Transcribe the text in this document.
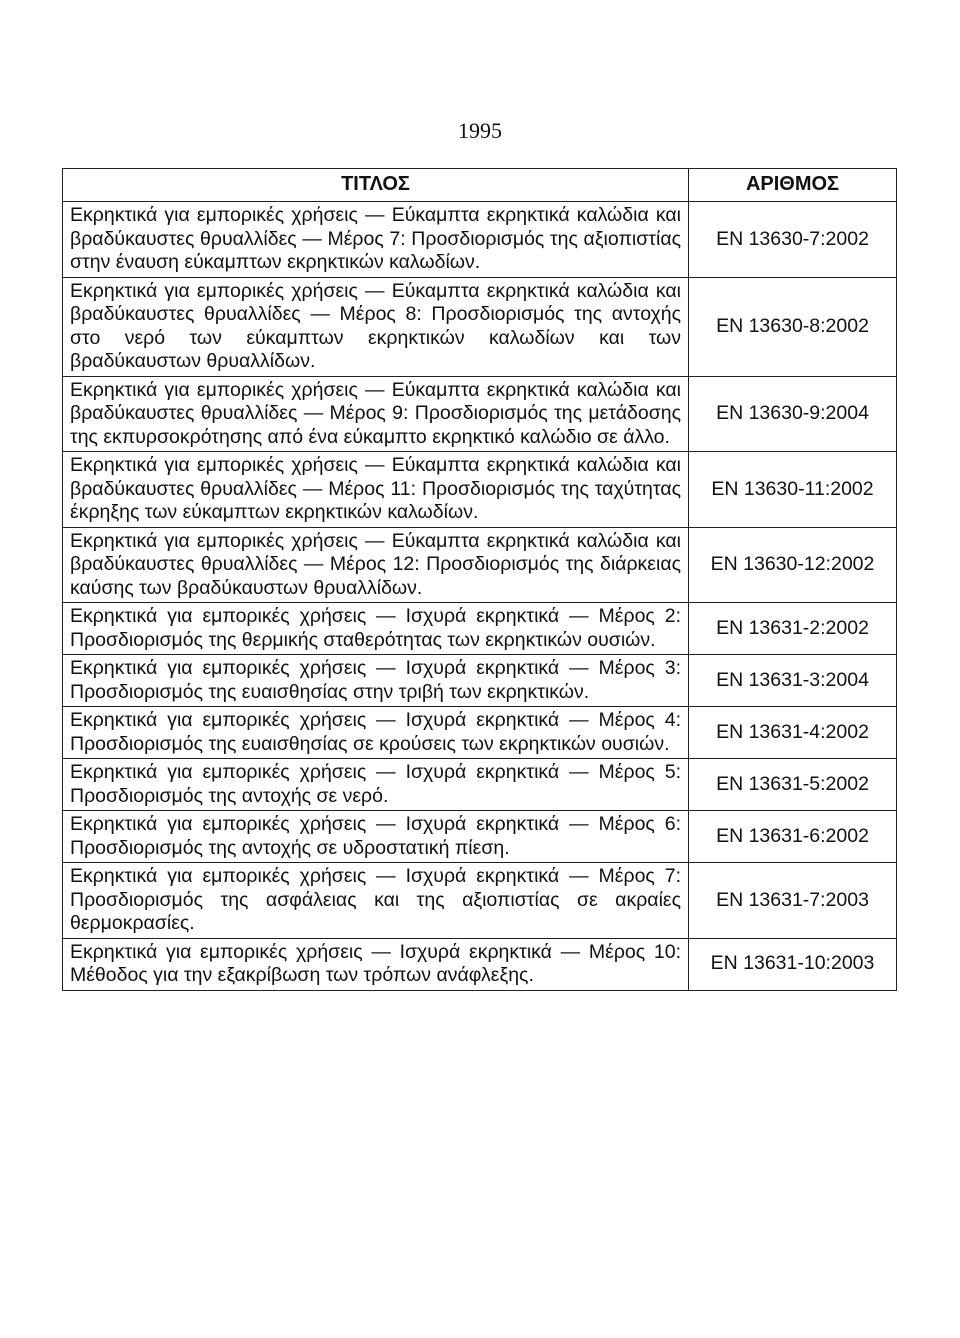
1995
ΤΙΤΛΟΣ	ΑΡΙΘΜΟΣ
Εκρηκτικά για εμπορικές χρήσεις — Εύκαμπτα εκρηκτικά καλώδια και βραδύκαυστες θρυαλλίδες — Μέρος 7: Προσδιορισμός της αξιοπιστίας στην έναυση εύκαμπτων εκρηκτικών καλωδίων.	EN 13630-7:2002
Εκρηκτικά για εμπορικές χρήσεις — Εύκαμπτα εκρηκτικά καλώδια και βραδύκαυστες θρυαλλίδες — Μέρος 8: Προσδιορισμός της αντοχής στο νερό των εύκαμπτων εκρηκτικών καλωδίων και των βραδύκαυστων θρυαλλίδων.	EN 13630-8:2002
Εκρηκτικά για εμπορικές χρήσεις — Εύκαμπτα εκρηκτικά καλώδια και βραδύκαυστες θρυαλλίδες — Μέρος 9: Προσδιορισμός της μετάδοσης της εκπυρσοκρότησης από ένα εύκαμπτο εκρηκτικό καλώδιο σε άλλο.	EN 13630-9:2004
Εκρηκτικά για εμπορικές χρήσεις — Εύκαμπτα εκρηκτικά καλώδια και βραδύκαυστες θρυαλλίδες — Μέρος 11: Προσδιορισμός της ταχύτητας έκρηξης των εύκαμπτων εκρηκτικών καλωδίων.	EN 13630-11:2002
Εκρηκτικά για εμπορικές χρήσεις — Εύκαμπτα εκρηκτικά καλώδια και βραδύκαυστες θρυαλλίδες — Μέρος 12: Προσδιορισμός της διάρκειας καύσης των βραδύκαυστων θρυαλλίδων.	EN 13630-12:2002
Εκρηκτικά για εμπορικές χρήσεις — Ισχυρά εκρηκτικά — Μέρος 2: Προσδιορισμός της θερμικής σταθερότητας των εκρηκτικών ουσιών.	EN 13631-2:2002
Εκρηκτικά για εμπορικές χρήσεις — Ισχυρά εκρηκτικά — Μέρος 3: Προσδιορισμός της ευαισθησίας στην τριβή των εκρηκτικών.	EN 13631-3:2004
Εκρηκτικά για εμπορικές χρήσεις — Ισχυρά εκρηκτικά — Μέρος 4: Προσδιορισμός της ευαισθησίας σε κρούσεις των εκρηκτικών ουσιών.	EN 13631-4:2002
Εκρηκτικά για εμπορικές χρήσεις — Ισχυρά εκρηκτικά — Μέρος 5: Προσδιορισμός της αντοχής σε νερό.	EN 13631-5:2002
Εκρηκτικά για εμπορικές χρήσεις — Ισχυρά εκρηκτικά — Μέρος 6: Προσδιορισμός της αντοχής σε υδροστατική πίεση.	EN 13631-6:2002
Εκρηκτικά για εμπορικές χρήσεις — Ισχυρά εκρηκτικά — Μέρος 7: Προσδιορισμός της ασφάλειας και της αξιοπιστίας σε ακραίες θερμοκρασίες.	EN 13631-7:2003
Εκρηκτικά για εμπορικές χρήσεις — Ισχυρά εκρηκτικά — Μέρος 10: Μέθοδος για την εξακρίβωση των τρόπων ανάφλεξης.	EN 13631-10:2003
